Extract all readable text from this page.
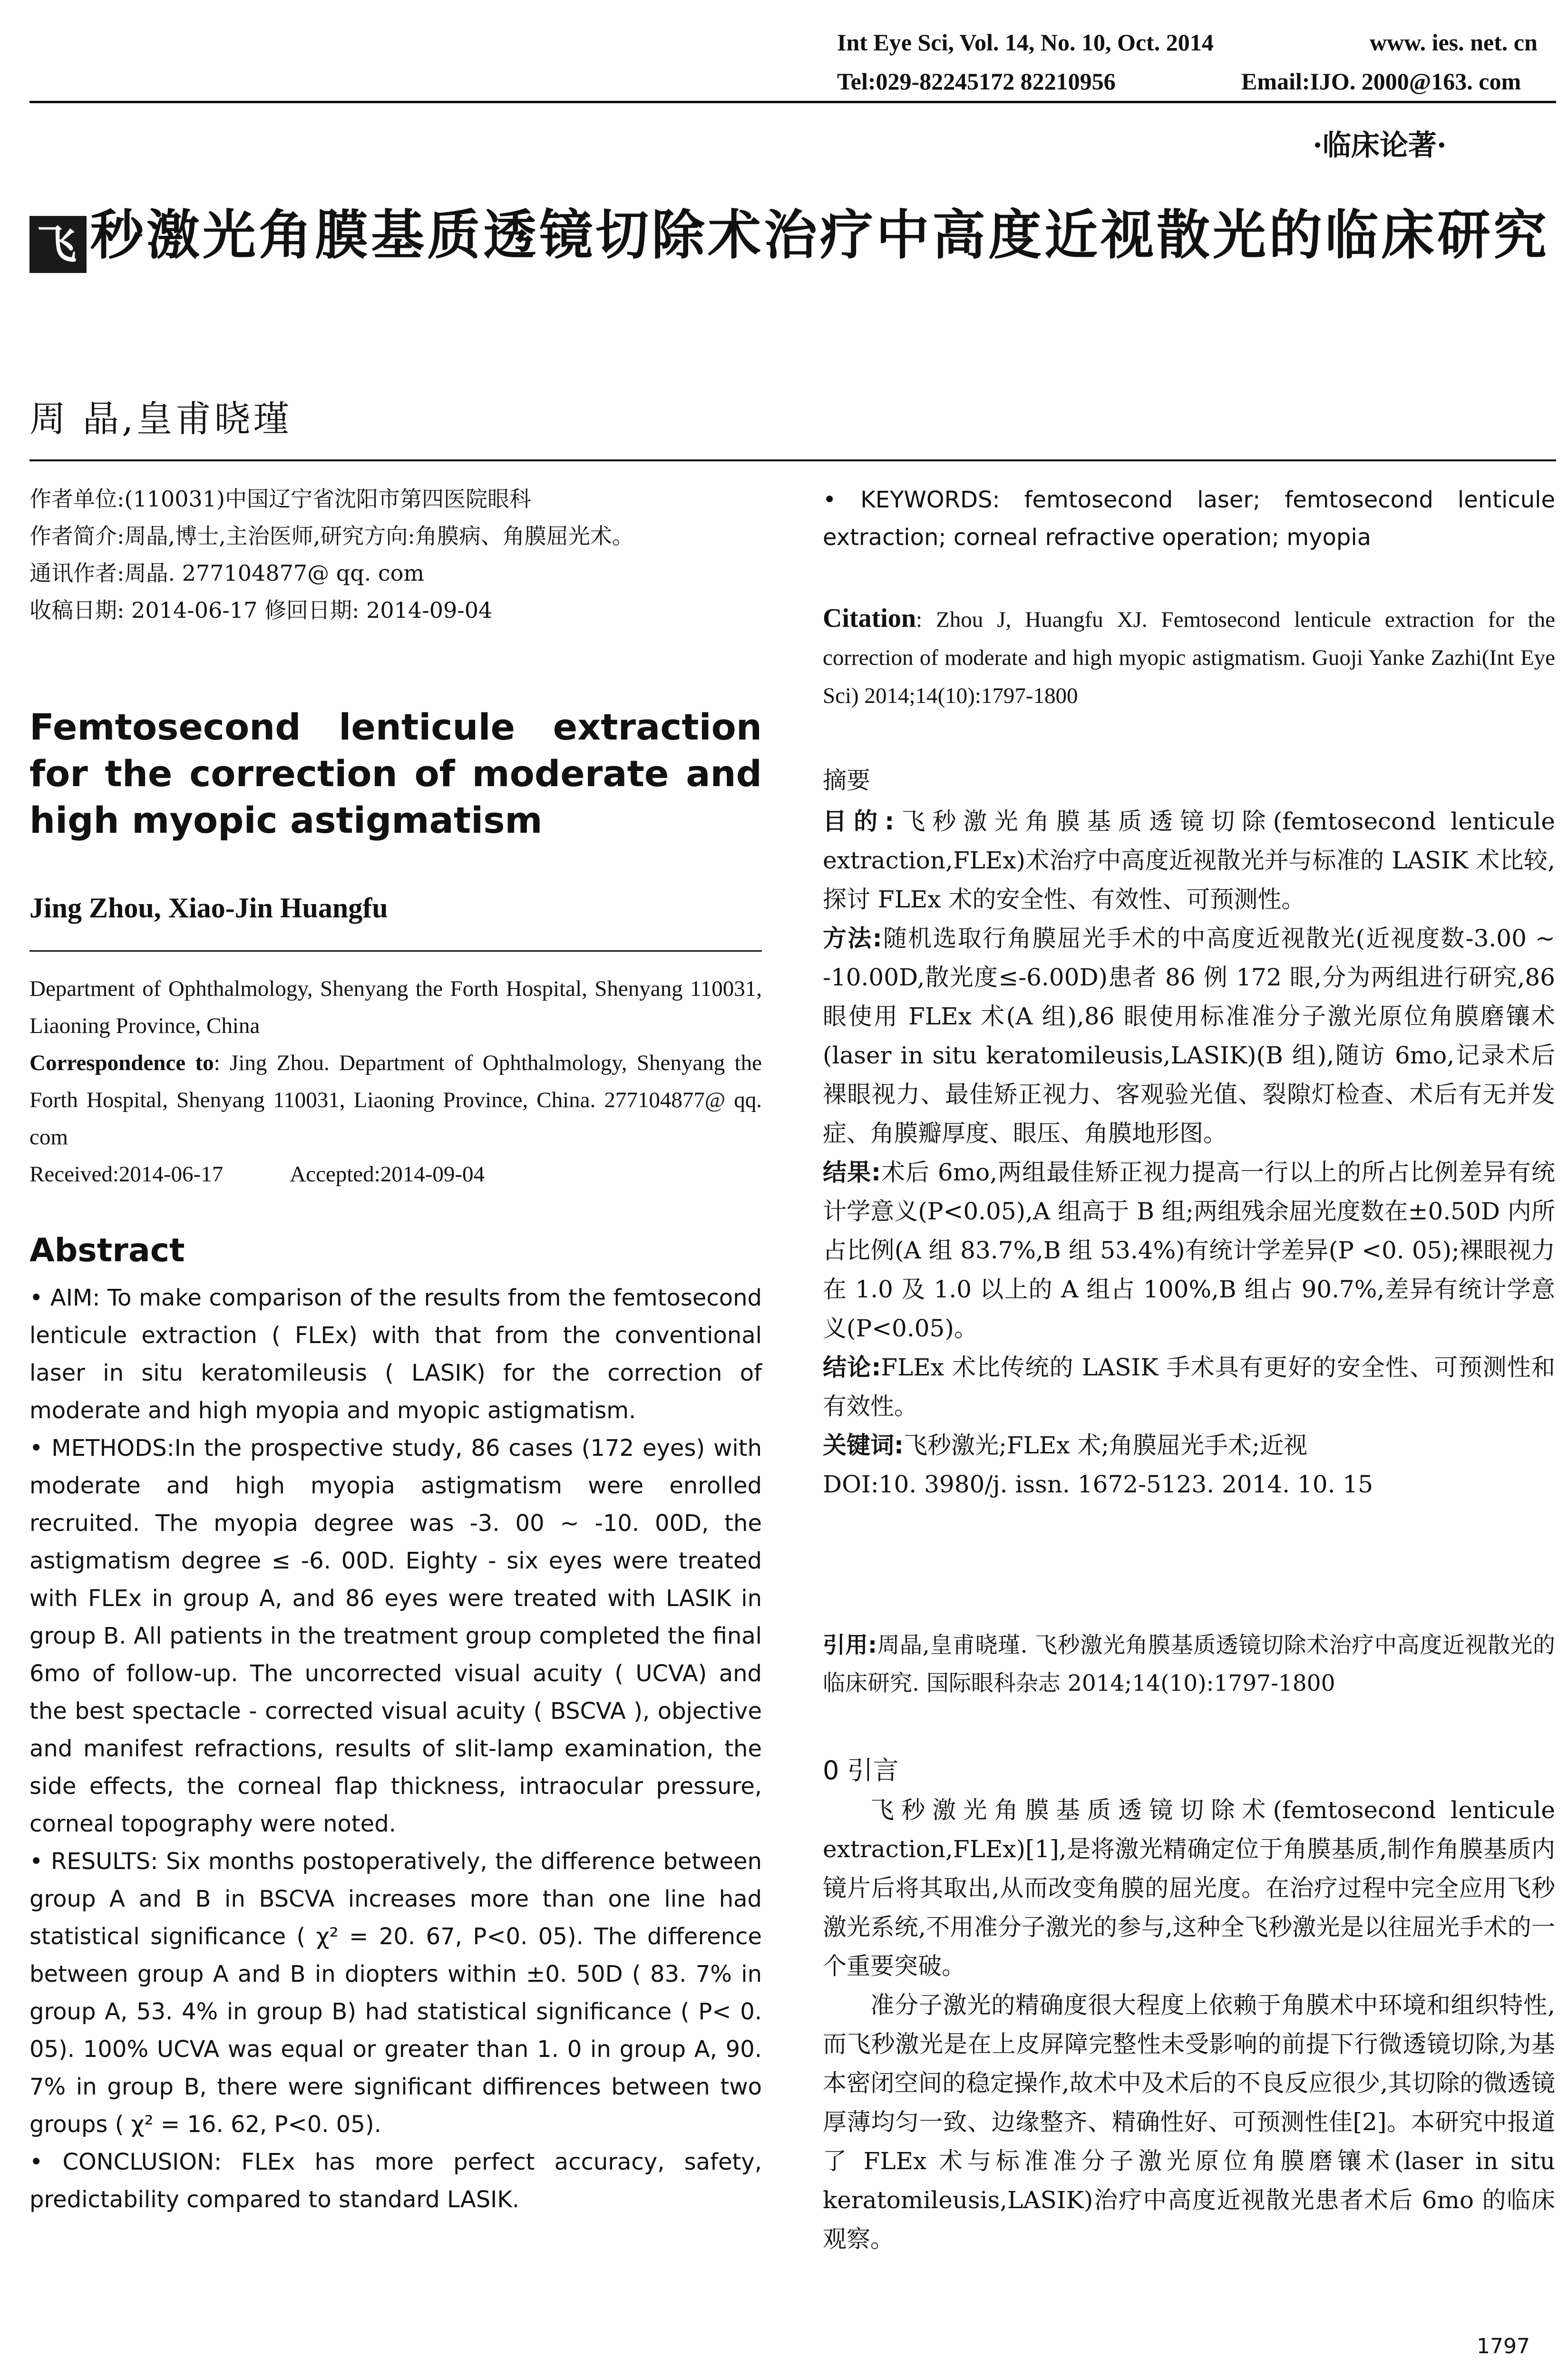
Int Eye Sci, Vol. 14, No. 10, Oct. 2014	www. ies. net. cn
Tel:029-82245172 82210956	Email:IJO. 2000@163. com
·临床论著·
飞 秒激光角膜基质透镜切除术治疗中高度近视散光的临床研究
周 晶,皇甫晓瑾

作者单位:(110031)中国辽宁省沈阳市第四医院眼科

作者简介:周晶,博士,主治医师,研究方向:角膜病、角膜屈光术。

通讯作者:周晶. 277104877@ qq. com

收稿日期: 2014-06-17 修回日期: 2014-09-04

Femtosecond lenticule extraction for the correction of moderate and high myopic astigmatism
Jing Zhou, Xiao-Jin Huangfu

Department of Ophthalmology, Shenyang the Forth Hospital, Shenyang 110031, Liaoning Province, China

Correspondence to: Jing Zhou. Department of Ophthalmology, Shenyang the Forth Hospital, Shenyang 110031, Liaoning Province, China. 277104877@ qq. com

Received:2014-06-17	Accepted:2014-09-04

Abstract

• AIM: To make comparison of the results from the femtosecond lenticule extraction ( FLEx) with that from the conventional laser in situ keratomileusis ( LASIK) for the correction of moderate and high myopia and myopic astigmatism.

• METHODS:In the prospective study, 86 cases (172 eyes) with moderate and high myopia astigmatism were enrolled recruited. The myopia degree was -3. 00 ~ -10. 00D, the astigmatism degree ≤ -6. 00D. Eighty - six eyes were treated with FLEx in group A, and 86 eyes were treated with LASIK in group B. All patients in the treatment group completed the final 6mo of follow-up. The uncorrected visual acuity ( UCVA) and the best spectacle - corrected visual acuity ( BSCVA ), objective and manifest refractions, results of slit-lamp examination, the side effects, the corneal flap thickness, intraocular pressure, corneal topography were noted.

• RESULTS: Six months postoperatively, the difference between group A and B in BSCVA increases more than one line had statistical significance ( χ² = 20. 67, P<0. 05). The difference between group A and B in diopters within ±0. 50D ( 83. 7% in group A, 53. 4% in group B) had statistical significance ( P< 0. 05). 100% UCVA was equal or greater than 1. 0 in group A, 90. 7% in group B, there were significant diffirences between two groups ( χ² = 16. 62, P<0. 05).

• CONCLUSION: FLEx has more perfect accuracy, safety, predictability compared to standard LASIK.

• KEYWORDS: femtosecond laser; femtosecond lenticule extraction; corneal refractive operation; myopia
Citation: Zhou J, Huangfu XJ. Femtosecond lenticule extraction for the correction of moderate and high myopic astigmatism. Guoji Yanke Zazhi(Int Eye Sci) 2014;14(10):1797-1800

摘要

目的:飞秒激光角膜基质透镜切除(femtosecond lenticule extraction,FLEx)术治疗中高度近视散光并与标准的 LASIK 术比较,探讨 FLEx 术的安全性、有效性、可预测性。

方法:随机选取行角膜屈光手术的中高度近视散光(近视度数-3.00 ~ -10.00D,散光度≤-6.00D)患者 86 例 172 眼,分为两组进行研究,86 眼使用 FLEx 术(A 组),86 眼使用标准准分子激光原位角膜磨镶术(laser in situ keratomileusis,LASIK)(B 组),随访 6mo,记录术后裸眼视力、最佳矫正视力、客观验光值、裂隙灯检查、术后有无并发症、角膜瓣厚度、眼压、角膜地形图。

结果:术后 6mo,两组最佳矫正视力提高一行以上的所占比例差异有统计学意义(P<0.05),A 组高于 B 组;两组残余屈光度数在±0.50D 内所占比例(A 组 83.7%,B 组 53.4%)有统计学差异(P <0. 05);裸眼视力在 1.0 及 1.0 以上的 A 组占 100%,B 组占 90.7%,差异有统计学意义(P<0.05)。

结论:FLEx 术比传统的 LASIK 手术具有更好的安全性、可预测性和有效性。

关键词:飞秒激光;FLEx 术;角膜屈光手术;近视

DOI:10. 3980/j. issn. 1672-5123. 2014. 10. 15

引用:周晶,皇甫晓瑾. 飞秒激光角膜基质透镜切除术治疗中高度近视散光的临床研究. 国际眼科杂志 2014;14(10):1797-1800
0 引言

飞秒激光角膜基质透镜切除术(femtosecond lenticule extraction,FLEx)[1],是将激光精确定位于角膜基质,制作角膜基质内镜片后将其取出,从而改变角膜的屈光度。在治疗过程中完全应用飞秒激光系统,不用准分子激光的参与,这种全飞秒激光是以往屈光手术的一个重要突破。

准分子激光的精确度很大程度上依赖于角膜术中环境和组织特性,而飞秒激光是在上皮屏障完整性未受影响的前提下行微透镜切除,为基本密闭空间的稳定操作,故术中及术后的不良反应很少,其切除的微透镜厚薄均匀一致、边缘整齐、精确性好、可预测性佳[2]。本研究中报道了 FLEx 术与标准准分子激光原位角膜磨镶术(laser in situ keratomileusis,LASIK)治疗中高度近视散光患者术后 6mo 的临床观察。

1797
